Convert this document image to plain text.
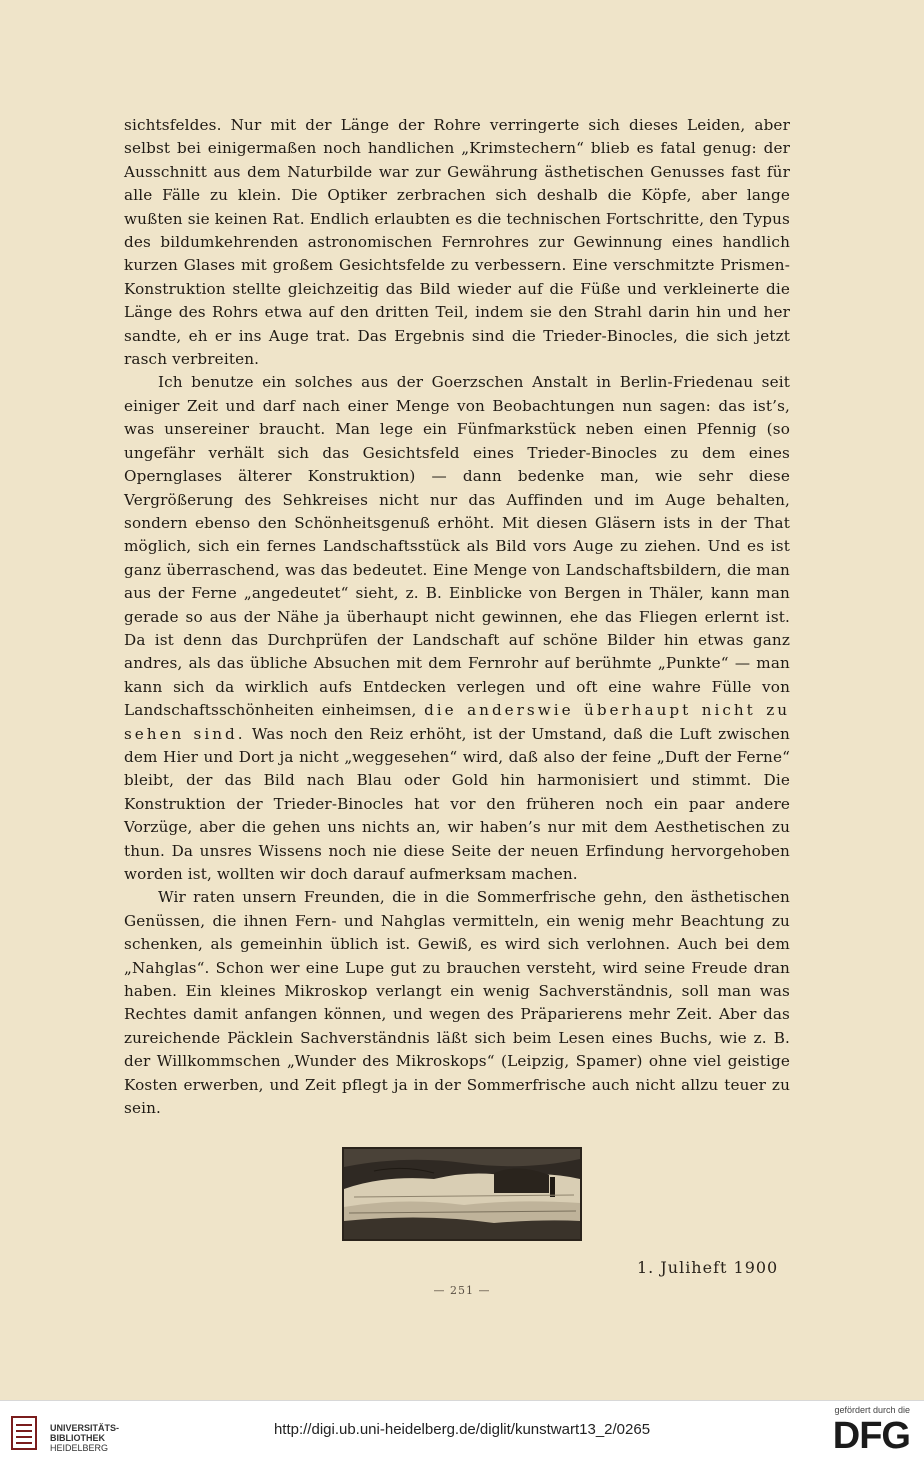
sichtsfeldes. Nur mit der Länge der Rohre verringerte sich dieses Leiden, aber selbst bei einigermaßen noch handlichen „Krimstechern“ blieb es fatal genug: der Ausschnitt aus dem Naturbilde war zur Gewährung ästhetischen Genusses fast für alle Fälle zu klein. Die Optiker zerbrachen sich deshalb die Köpfe, aber lange wußten sie keinen Rat. Endlich erlaubten es die technischen Fortschritte, den Typus des bildumkehrenden astronomischen Fernrohres zur Gewinnung eines handlich kurzen Glases mit großem Gesichtsfelde zu verbessern. Eine verschmitzte Prismen-Konstruktion stellte gleichzeitig das Bild wieder auf die Füße und verkleinerte die Länge des Rohrs etwa auf den dritten Teil, indem sie den Strahl darin hin und her sandte, eh er ins Auge trat. Das Ergebnis sind die Trieder-Binocles, die sich jetzt rasch verbreiten.

Ich benutze ein solches aus der Goerzschen Anstalt in Berlin-Friedenau seit einiger Zeit und darf nach einer Menge von Beobachtungen nun sagen: das ist’s, was unsereiner braucht. Man lege ein Fünfmarkstück neben einen Pfennig (so ungefähr verhält sich das Gesichtsfeld eines Trieder-Binocles zu dem eines Opernglases älterer Konstruktion) — dann bedenke man, wie sehr diese Vergrößerung des Sehkreises nicht nur das Auffinden und im Auge behalten, sondern ebenso den Schönheitsgenuß erhöht. Mit diesen Gläsern ists in der That möglich, sich ein fernes Landschaftsstück als Bild vors Auge zu ziehen. Und es ist ganz überraschend, was das bedeutet. Eine Menge von Landschaftsbildern, die man aus der Ferne „angedeutet“ sieht, z. B. Einblicke von Bergen in Thäler, kann man gerade so aus der Nähe ja überhaupt nicht gewinnen, ehe das Fliegen erlernt ist. Da ist denn das Durchprüfen der Landschaft auf schöne Bilder hin etwas ganz andres, als das übliche Absuchen mit dem Fernrohr auf berühmte „Punkte“ — man kann sich da wirklich aufs Entdecken verlegen und oft eine wahre Fülle von Landschaftsschönheiten einheimsen, die anderswie überhaupt nicht zu sehen sind. Was noch den Reiz erhöht, ist der Umstand, daß die Luft zwischen dem Hier und Dort ja nicht „weggesehen“ wird, daß also der feine „Duft der Ferne“ bleibt, der das Bild nach Blau oder Gold hin harmonisiert und stimmt. Die Konstruktion der Trieder-Binocles hat vor den früheren noch ein paar andere Vorzüge, aber die gehen uns nichts an, wir haben’s nur mit dem Aesthetischen zu thun. Da unsres Wissens noch nie diese Seite der neuen Erfindung hervorgehoben worden ist, wollten wir doch darauf aufmerksam machen.

Wir raten unsern Freunden, die in die Sommerfrische gehn, den ästhetischen Genüssen, die ihnen Fern- und Nahglas vermitteln, ein wenig mehr Beachtung zu schenken, als gemeinhin üblich ist. Gewiß, es wird sich verlohnen. Auch bei dem „Nahglas“. Schon wer eine Lupe gut zu brauchen versteht, wird seine Freude dran haben. Ein kleines Mikroskop verlangt ein wenig Sachverständnis, soll man was Rechtes damit anfangen können, und wegen des Präparierens mehr Zeit. Aber das zureichende Päcklein Sachverständnis läßt sich beim Lesen eines Buchs, wie z. B. der Willkommschen „Wunder des Mikroskops“ (Leipzig, Spamer) ohne viel geistige Kosten erwerben, und Zeit pflegt ja in der Sommerfrische auch nicht allzu teuer zu sein.

1. Juliheft 1900
— 251 —
UNIVERSITÄTS-
BIBLIOTHEK
HEIDELBERG
http://digi.ub.uni-heidelberg.de/diglit/kunstwart13_2/0265
gefördert durch die
DFG
